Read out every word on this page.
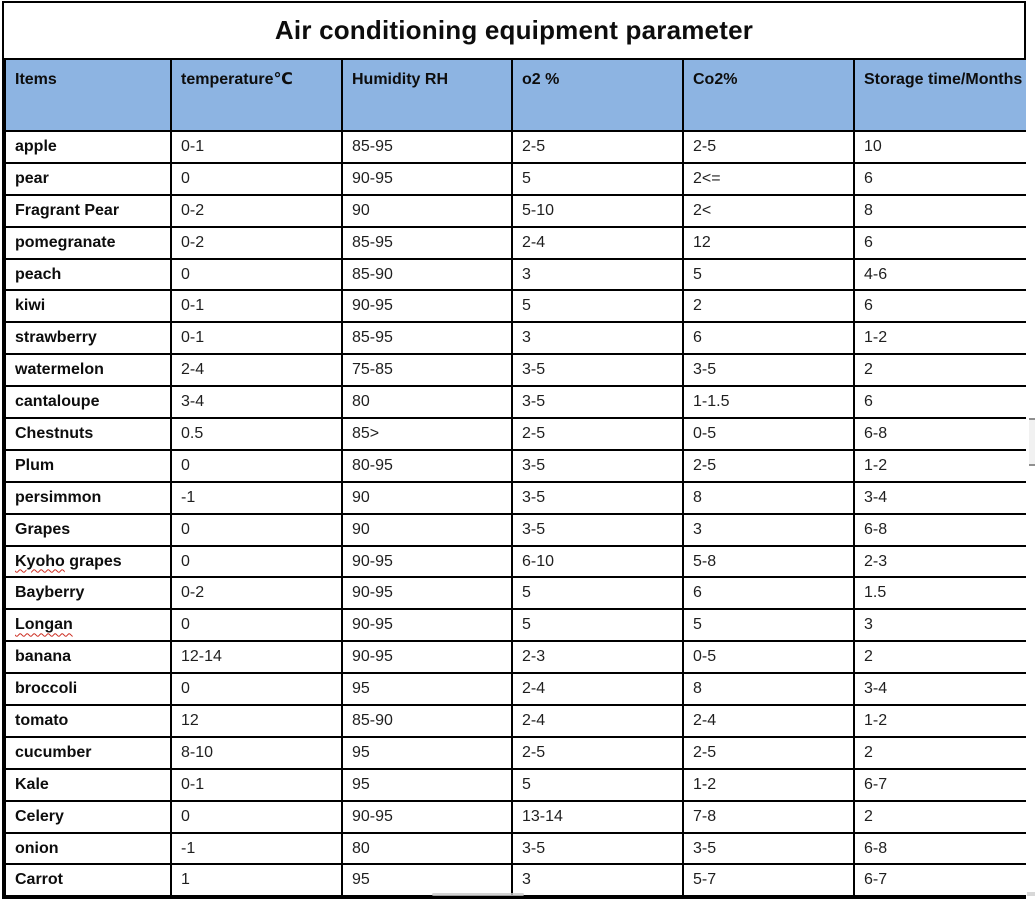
Air conditioning equipment parameter
Items	temperature℃	Humidity RH	o2 %	Co2%	Storage time/Months
apple	0-1	85-95	2-5	2-5	10
pear	0	90-95	5	2<=	6
Fragrant Pear	0-2	90	5-10	2<	8
pomegranate	0-2	85-95	2-4	12	6
peach	0	85-90	3	5	4-6
kiwi	0-1	90-95	5	2	6
strawberry	0-1	85-95	3	6	1-2
watermelon	2-4	75-85	3-5	3-5	2
cantaloupe	3-4	80	3-5	1-1.5	6
Chestnuts	0.5	85>	2-5	0-5	6-8
Plum	0	80-95	3-5	2-5	1-2
persimmon	-1	90	3-5	8	3-4
Grapes	0	90	3-5	3	6-8
Kyoho grapes	0	90-95	6-10	5-8	2-3
Bayberry	0-2	90-95	5	6	1.5
Longan	0	90-95	5	5	3
banana	12-14	90-95	2-3	0-5	2
broccoli	0	95	2-4	8	3-4
tomato	12	85-90	2-4	2-4	1-2
cucumber	8-10	95	2-5	2-5	2
Kale	0-1	95	5	1-2	6-7
Celery	0	90-95	13-14	7-8	2
onion	-1	80	3-5	3-5	6-8
Carrot	1	95	3	5-7	6-7
